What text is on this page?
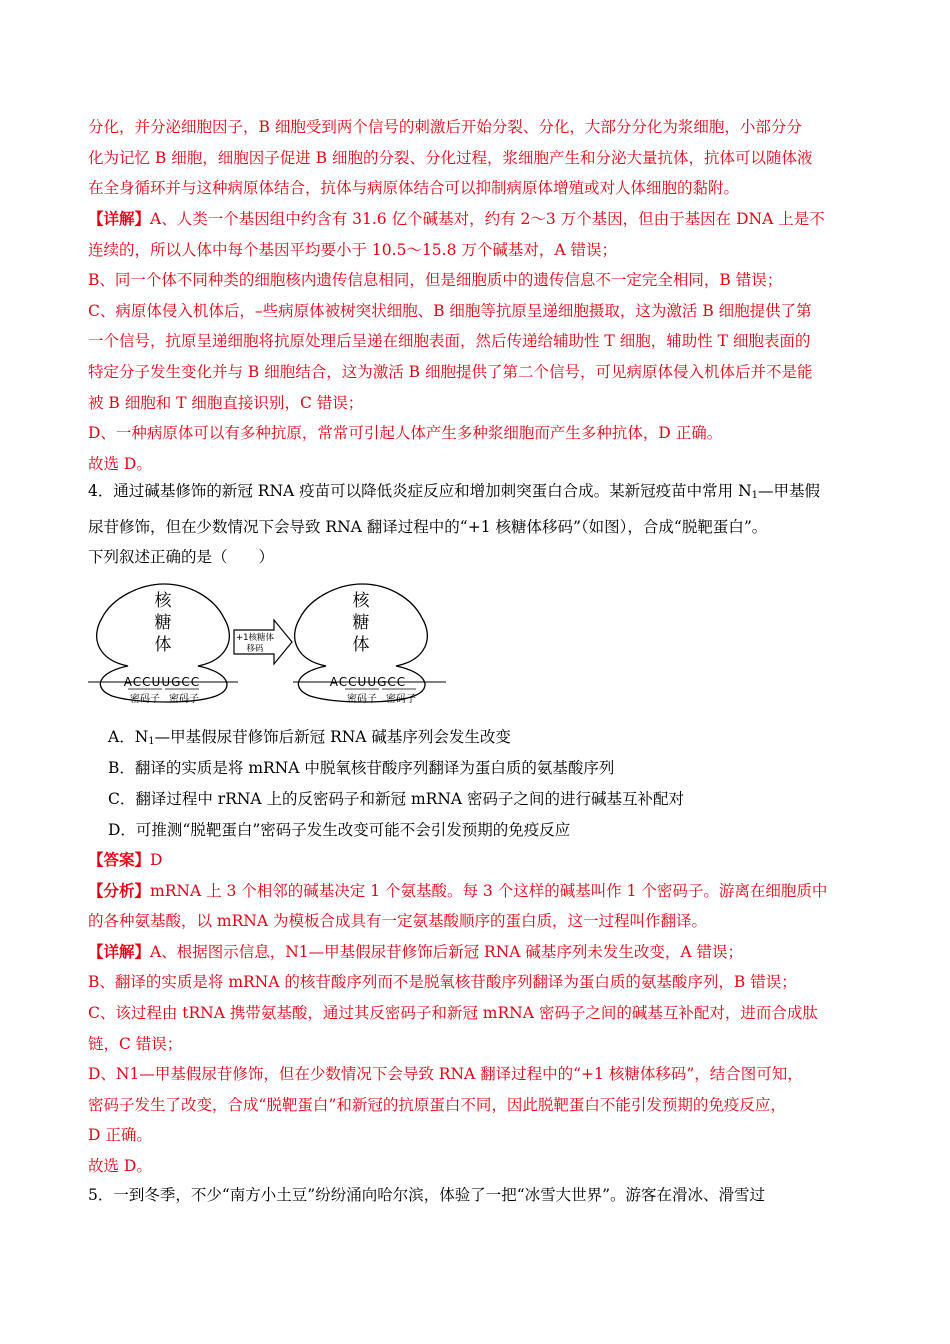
分化，并分泌细胞因子，B 细胞受到两个信号的刺激后开始分裂、分化，大部分分化为浆细胞，小部分分
化为记忆 B 细胞，细胞因子促进 B 细胞的分裂、分化过程，浆细胞产生和分泌大量抗体，抗体可以随体液
在全身循环并与这种病原体结合，抗体与病原体结合可以抑制病原体增殖或对人体细胞的黏附。
【详解】A、人类一个基因组中约含有 31.6 亿个碱基对，约有 2～3 万个基因，但由于基因在 DNA 上是不
连续的，所以人体中每个基因平均要小于 10.5～15.8 万个碱基对，A 错误；
B、同一个体不同种类的细胞核内遗传信息相同，但是细胞质中的遗传信息不一定完全相同，B 错误；
C、病原体侵入机体后，–些病原体被树突状细胞、B 细胞等抗原呈递细胞摄取，这为激活 B 细胞提供了第
一个信号，抗原呈递细胞将抗原处理后呈递在细胞表面，然后传递给辅助性 T 细胞，辅助性 T 细胞表面的
特定分子发生变化并与 B 细胞结合，这为激活 B 细胞提供了第二个信号，可见病原体侵入机体后并不是能
被 B 细胞和 T 细胞直接识别，C 错误；
D、一种病原体可以有多种抗原，常常可引起人体产生多种浆细胞而产生多种抗体，D 正确。
故选 D。
4．通过碱基修饰的新冠 RNA 疫苗可以降低炎症反应和增加刺突蛋白合成。某新冠疫苗中常用 $N_1—$甲基假
尿苷修饰，但在少数情况下会导致 RNA 翻译过程中的“+1 核糖体移码”（如图），合成“脱靶蛋白”。
下列叙述正确的是（　　）
核
糖
体
ACCUUGCC
密码子 密码子
+1核糖体
移码
核
糖
体
ACCUUGCC
密码子 密码子
A．$N_1—$甲基假尿苷修饰后新冠 RNA 碱基序列会发生改变
B．翻译的实质是将 mRNA 中脱氧核苷酸序列翻译为蛋白质的氨基酸序列
C．翻译过程中 rRNA 上的反密码子和新冠 mRNA 密码子之间的进行碱基互补配对
D．可推测“脱靶蛋白”密码子发生改变可能不会引发预期的免疫反应
【答案】D
【分析】mRNA 上 3 个相邻的碱基决定 1 个氨基酸。每 3 个这样的碱基叫作 1 个密码子。游离在细胞质中
的各种氨基酸，以 mRNA 为模板合成具有一定氨基酸顺序的蛋白质，这一过程叫作翻译。
【详解】A、根据图示信息，N1—甲基假尿苷修饰后新冠 RNA 碱基序列未发生改变，A 错误；
B、翻译的实质是将 mRNA 的核苷酸序列而不是脱氧核苷酸序列翻译为蛋白质的氨基酸序列，B 错误；
C、该过程由 tRNA 携带氨基酸，通过其反密码子和新冠 mRNA 密码子之间的碱基互补配对，进而合成肽
链，C 错误；
D、N1—甲基假尿苷修饰，但在少数情况下会导致 RNA 翻译过程中的“+1 核糖体移码”，结合图可知，
密码子发生了改变，合成“脱靶蛋白”和新冠的抗原蛋白不同，因此脱靶蛋白不能引发预期的免疫反应，
D 正确。
故选 D。
5．一到冬季，不少“南方小土豆”纷纷涌向哈尔滨，体验了一把“冰雪大世界”。游客在滑冰、滑雪过
